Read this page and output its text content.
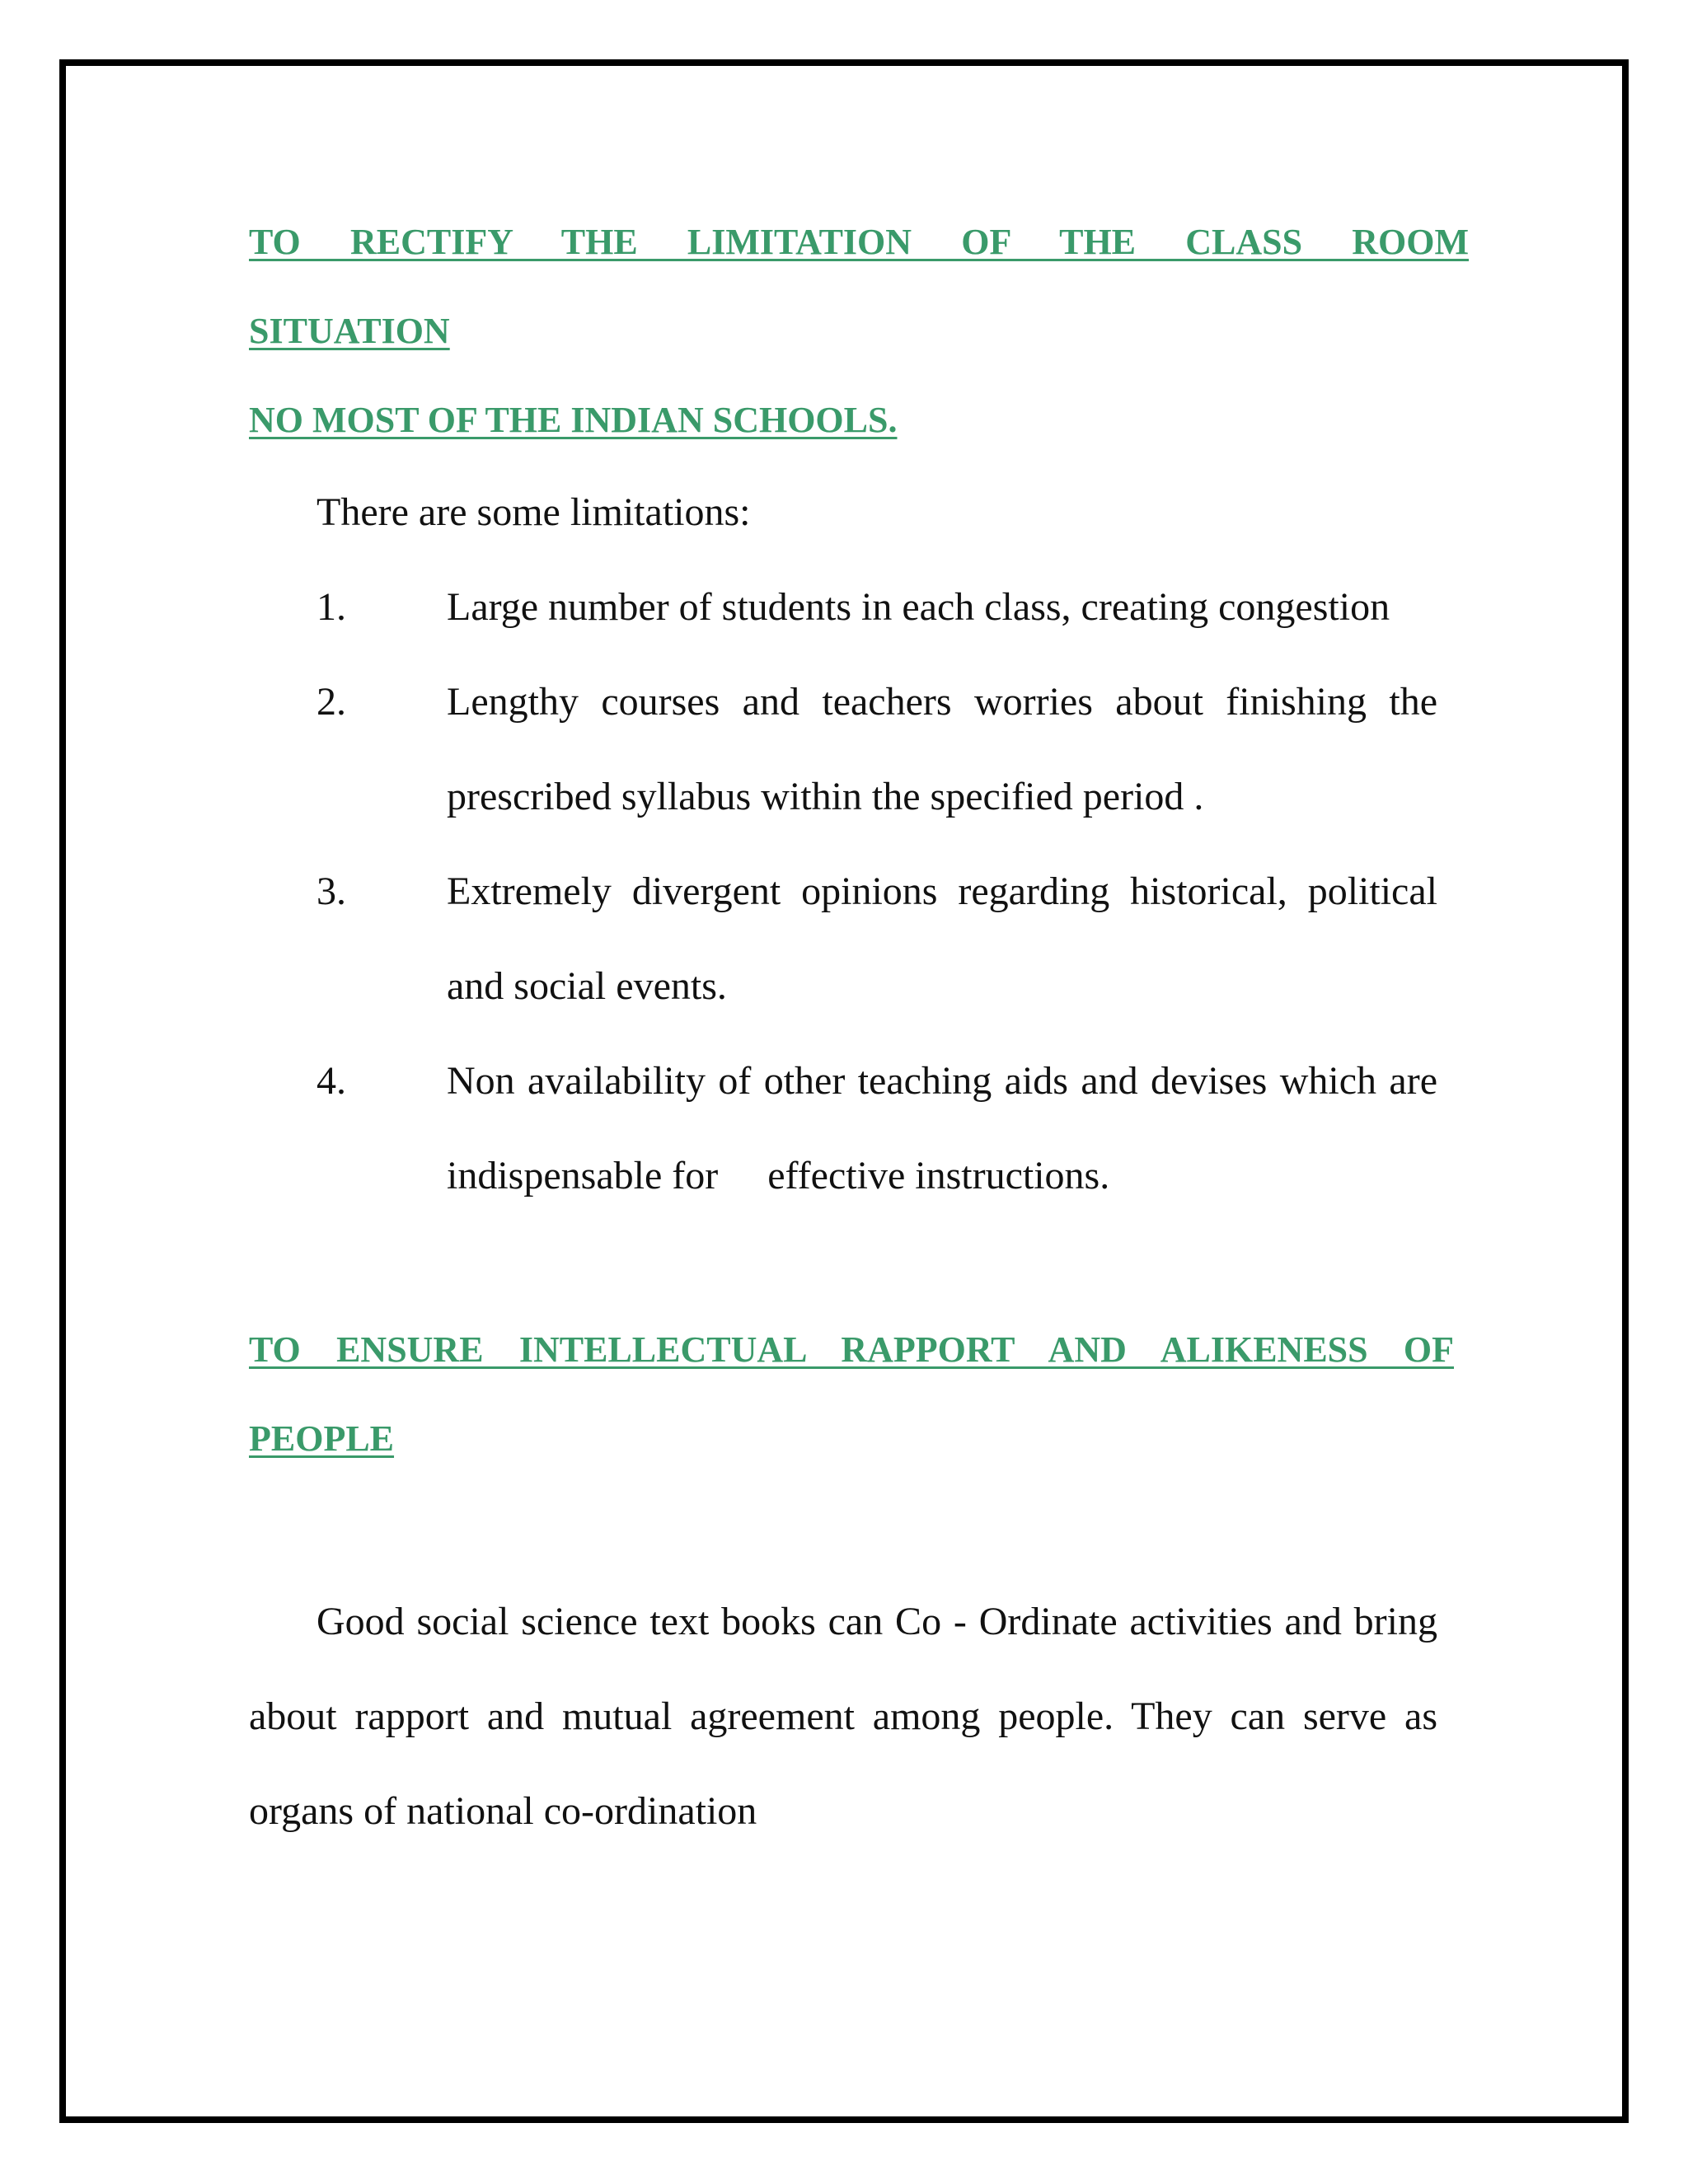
TO RECTIFY THE LIMITATION OF THE CLASS ROOM

SITUATION

NO MOST OF THE INDIAN SCHOOLS.

There are some limitations:

1.	Large number of students in each class, creating congestion
2.	Lengthy courses and teachers worries about finishing the prescribed syllabus within the specified period .
3.	Extremely divergent opinions regarding historical, political and social events.
4.	Non availability of other teaching aids and devises which are indispensable for     effective instructions.

TO ENSURE INTELLECTUAL RAPPORT AND ALIKENESS OF

PEOPLE

Good social science text books can Co - Ordinate activities and bring about rapport and mutual agreement among people. They can serve as organs of national co-ordination
